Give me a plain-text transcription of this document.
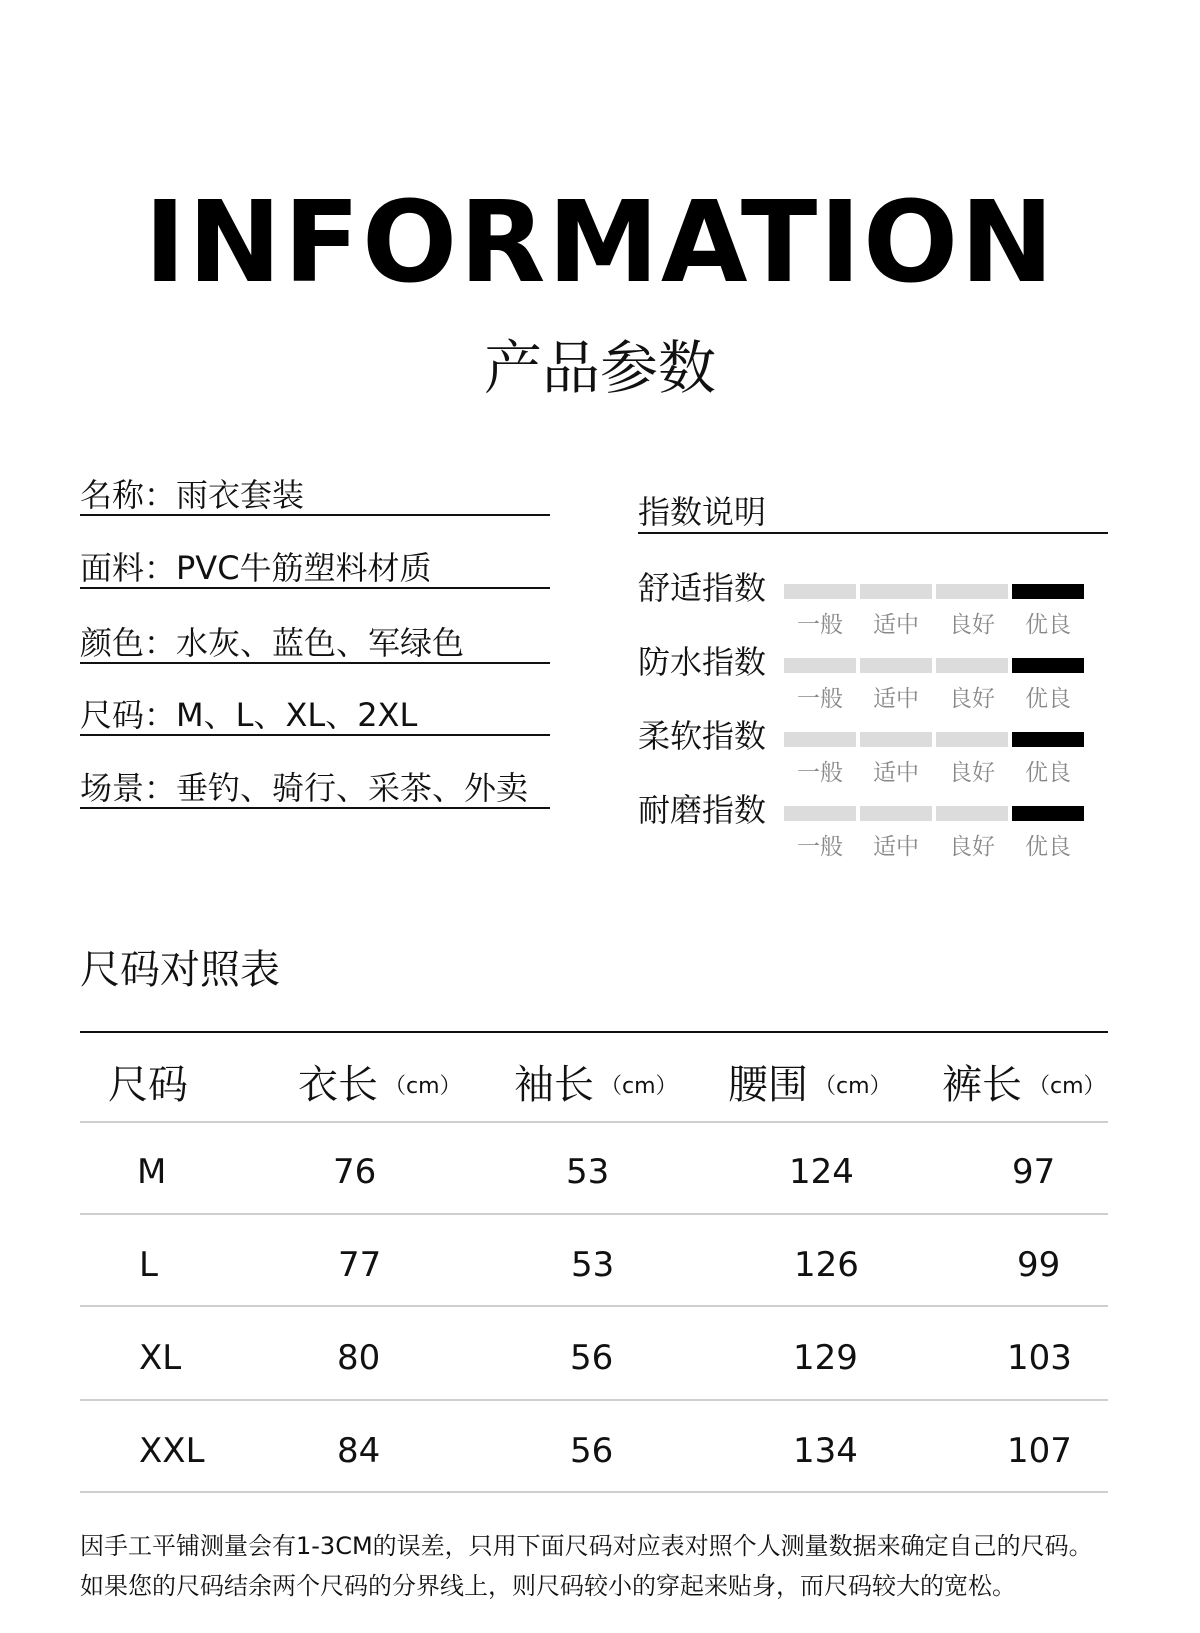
INFORMATION
产品参数
名称：雨衣套装
面料：PVC牛筋塑料材质
颜色：水灰、蓝色、军绿色
尺码：M、L、XL、2XL
场景：垂钓、骑行、采茶、外卖
指数说明
舒适指数
一般	适中	良好	优良
防水指数
一般	适中	良好	优良
柔软指数
一般	适中	良好	优良
耐磨指数
一般	适中	良好	优良
尺码对照表
尺码	衣长 （cm） 袖长 （cm） 腰围 （cm） 裤长 （cm）
M	76	53	124	97
L	77	53	126	99
XL	80	56	129	103
XXL	84	56	134	107
因手工平铺测量会有1-3CM的误差，只用下面尺码对应表对照个人测量数据来确定自己的尺码。
如果您的尺码结余两个尺码的分界线上，则尺码较小的穿起来贴身，而尺码较大的宽松。
